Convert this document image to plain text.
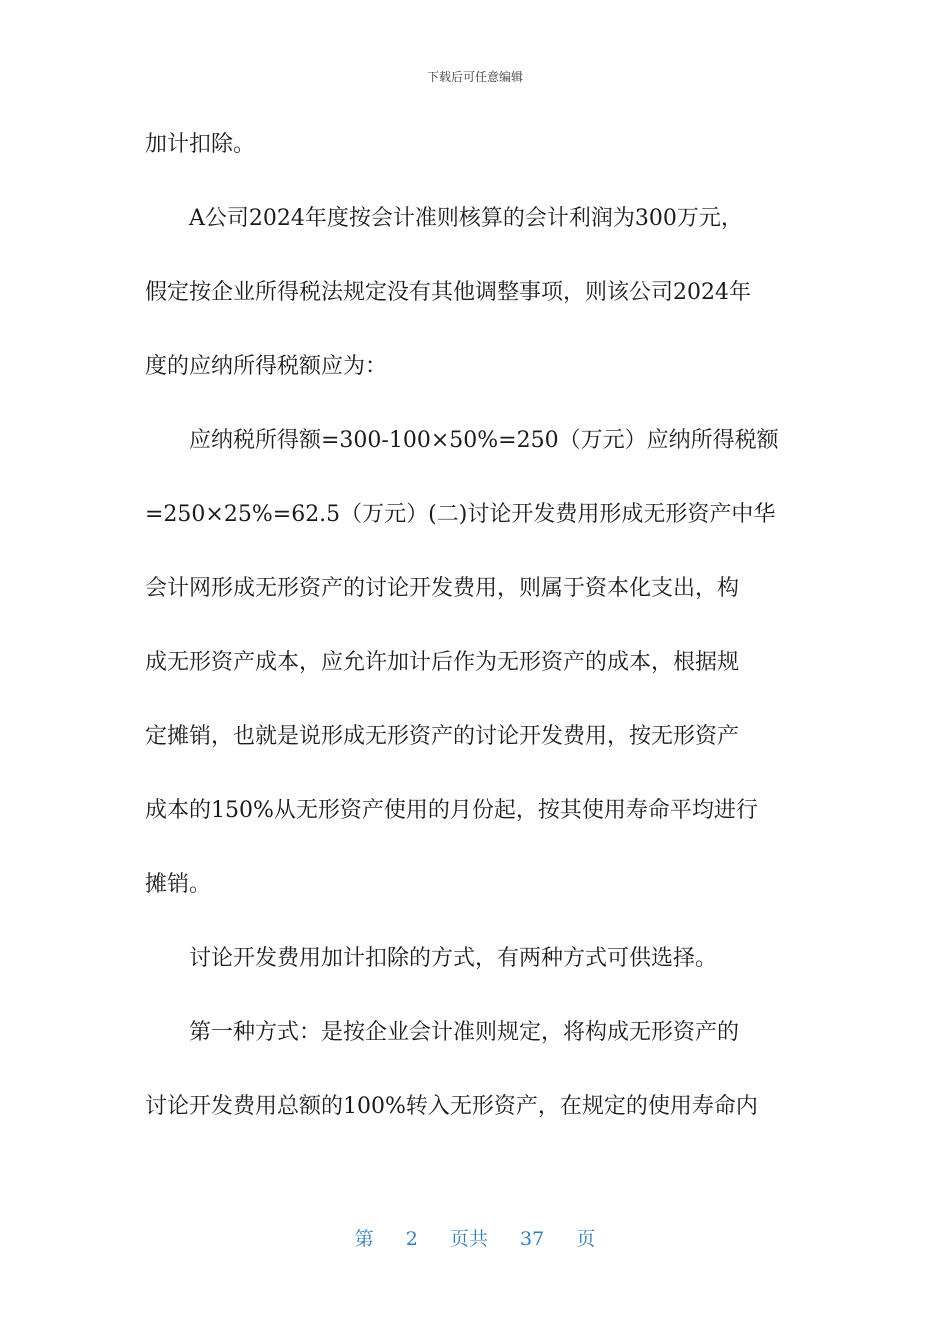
下载后可任意编辑
加计扣除。
　　A公司2024年度按会计准则核算的会计利润为300万元，
假定按企业所得税法规定没有其他调整事项，则该公司2024年
度的应纳所得税额应为：
　　应纳税所得额=300-100×50%=250（万元）应纳所得税额
=250×25%=62.5（万元）(二)讨论开发费用形成无形资产中华
会计网形成无形资产的讨论开发费用，则属于资本化支出，构
成无形资产成本，应允许加计后作为无形资产的成本，根据规
定摊销，也就是说形成无形资产的讨论开发费用，按无形资产
成本的150%从无形资产使用的月份起，按其使用寿命平均进行
摊销。
　　讨论开发费用加计扣除的方式，有两种方式可供选择。
　　第一种方式：是按企业会计准则规定，将构成无形资产的
讨论开发费用总额的100%转入无形资产，在规定的使用寿命内
第 2 页共 37 页
